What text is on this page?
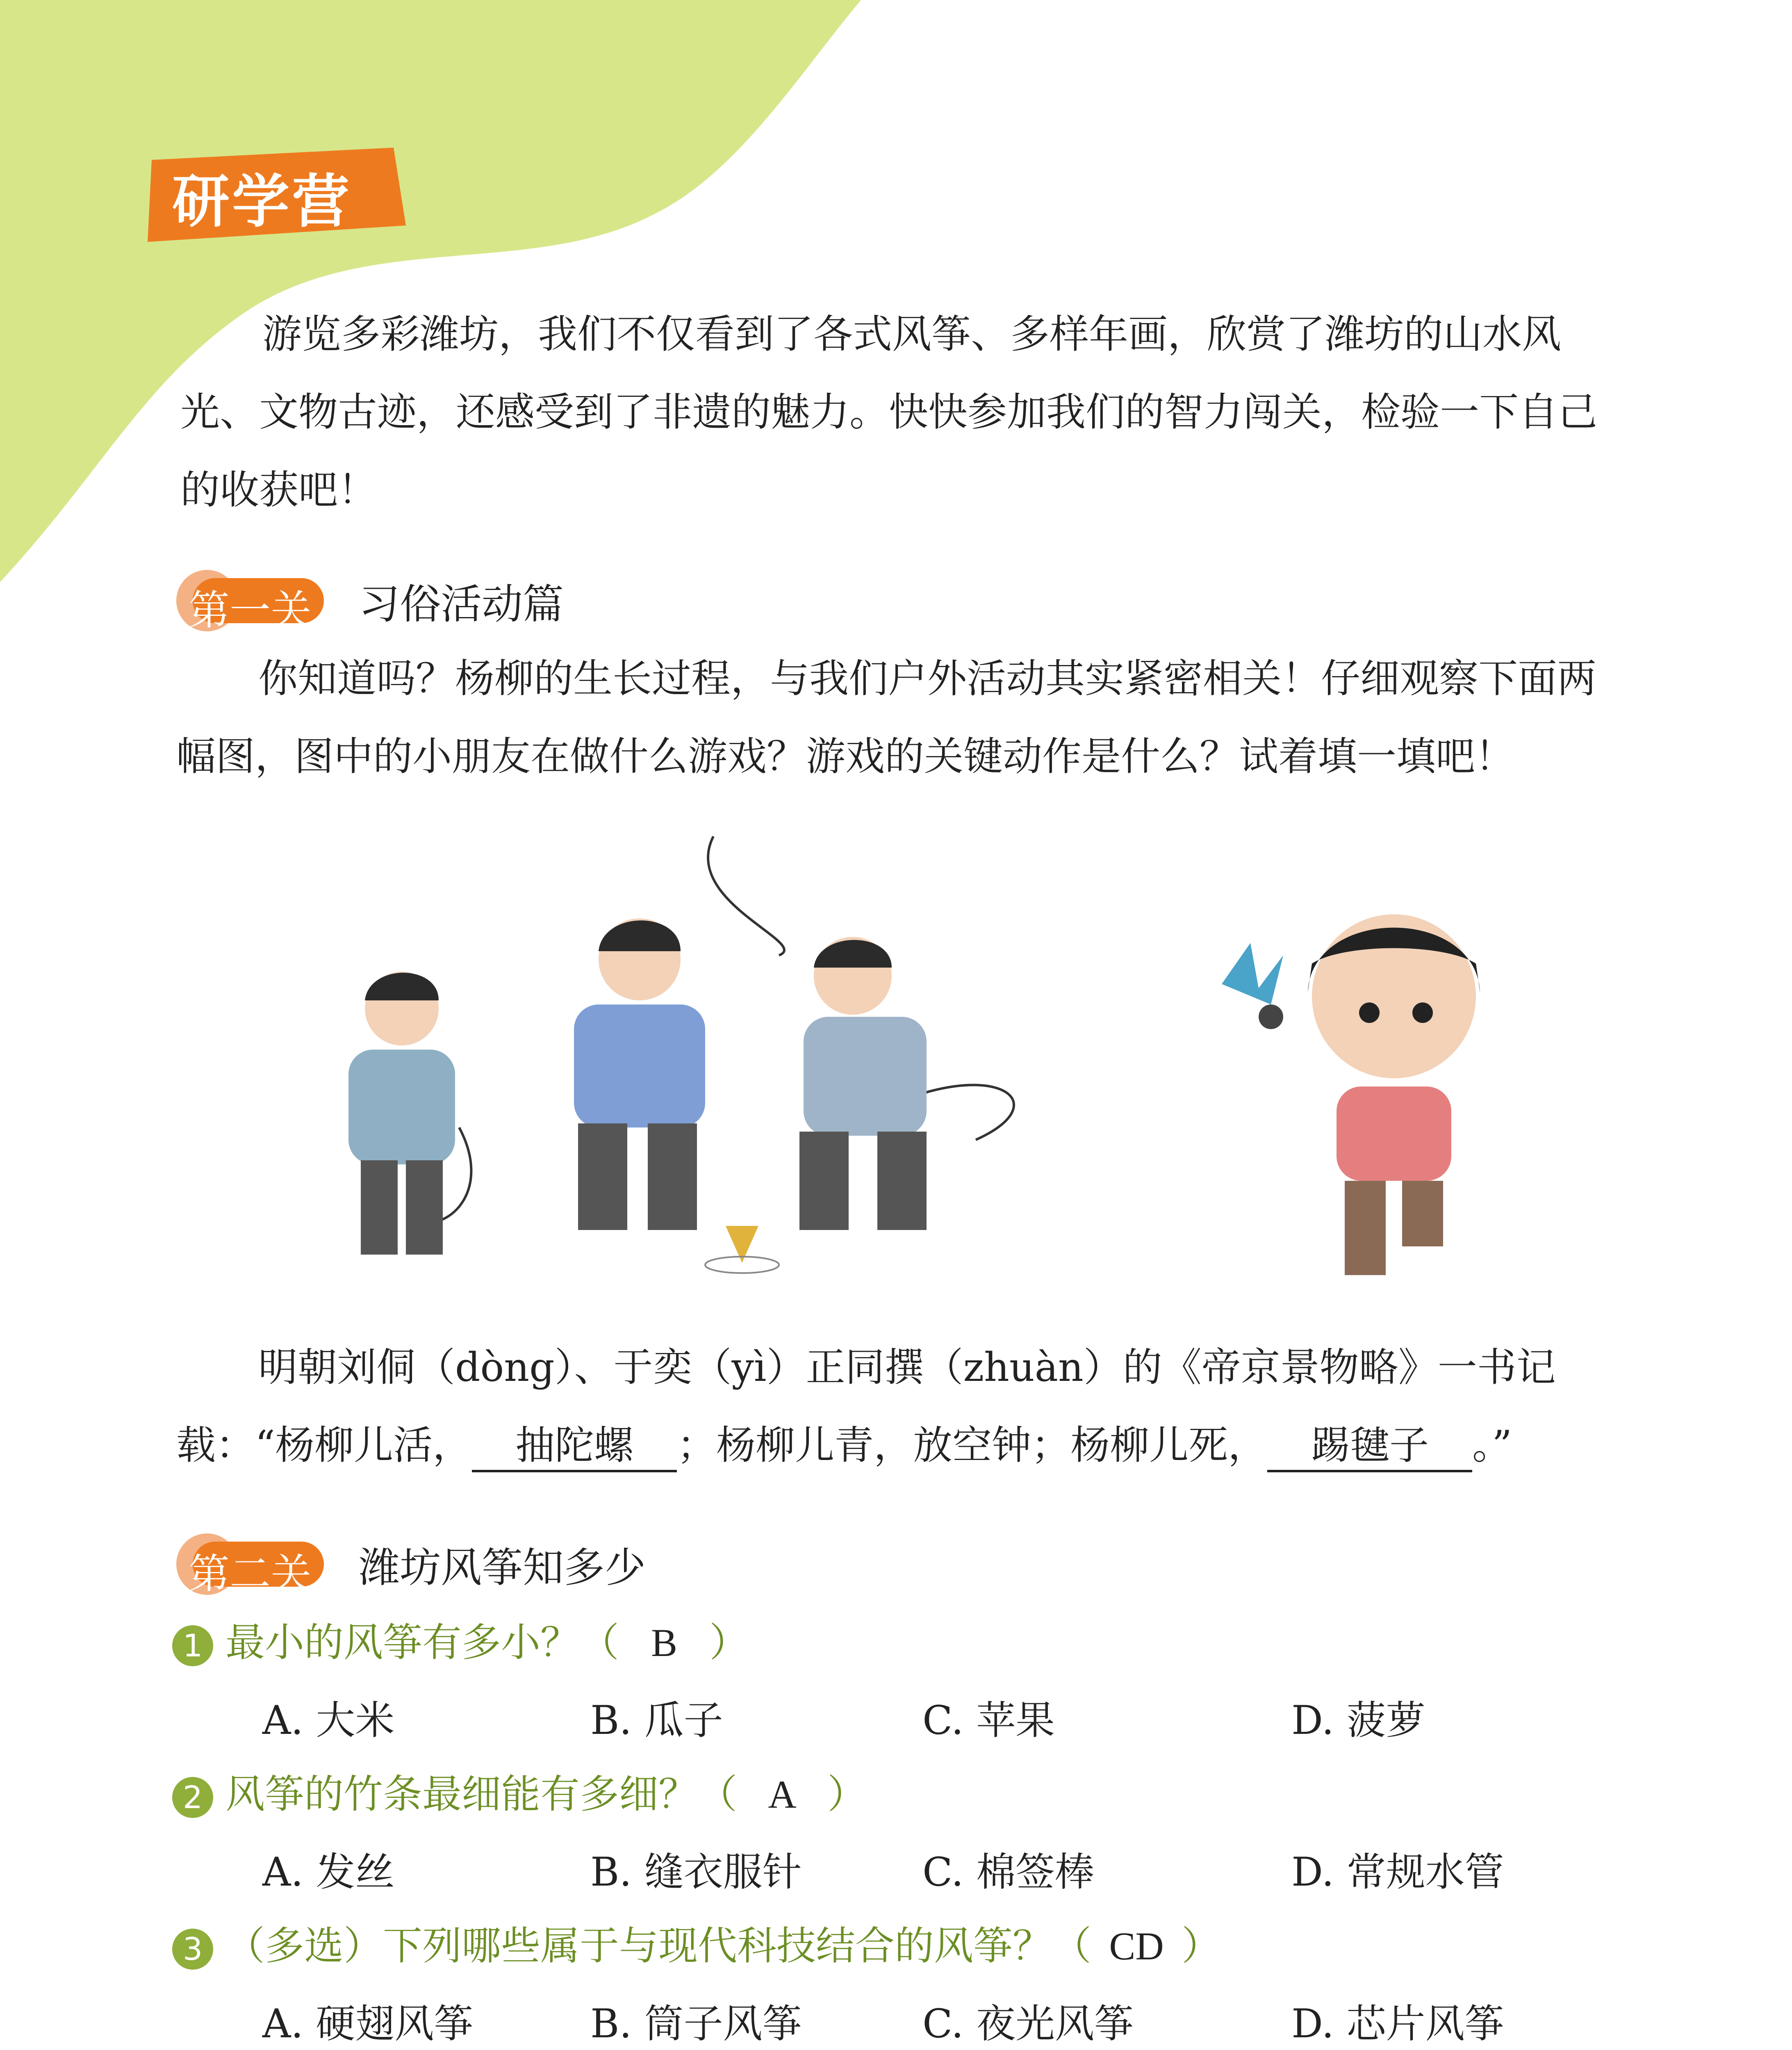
研学营
游览多彩潍坊，我们不仅看到了各式风筝、多样年画，欣赏了潍坊的山水风光、文物古迹，还感受到了非遗的魅力。快快参加我们的智力闯关，检验一下自己的收获吧！
第一关 习俗活动篇
你知道吗？杨柳的生长过程，与我们户外活动其实紧密相关！仔细观察下面两幅图，图中的小朋友在做什么游戏？游戏的关键动作是什么？试着填一填吧！
明朝刘侗（dòng）、于奕（yì）正同撰（zhuàn）的《帝京景物略》一书记
载：“杨柳儿活， 抽陀螺 ；杨柳儿青，放空钟；杨柳儿死， 踢毽子 。”
第二关 潍坊风筝知多少
1 最小的风筝有多小？（ B ）
A. 大米	B. 瓜子	C. 苹果	D. 菠萝
2 风筝的竹条最细能有多细？（ A ）
A. 发丝	B. 缝衣服针	C. 棉签棒	D. 常规水管
3 （多选）下列哪些属于与现代科技结合的风筝？（ CD ）
A. 硬翅风筝	B. 筒子风筝	C. 夜光风筝	D. 芯片风筝
